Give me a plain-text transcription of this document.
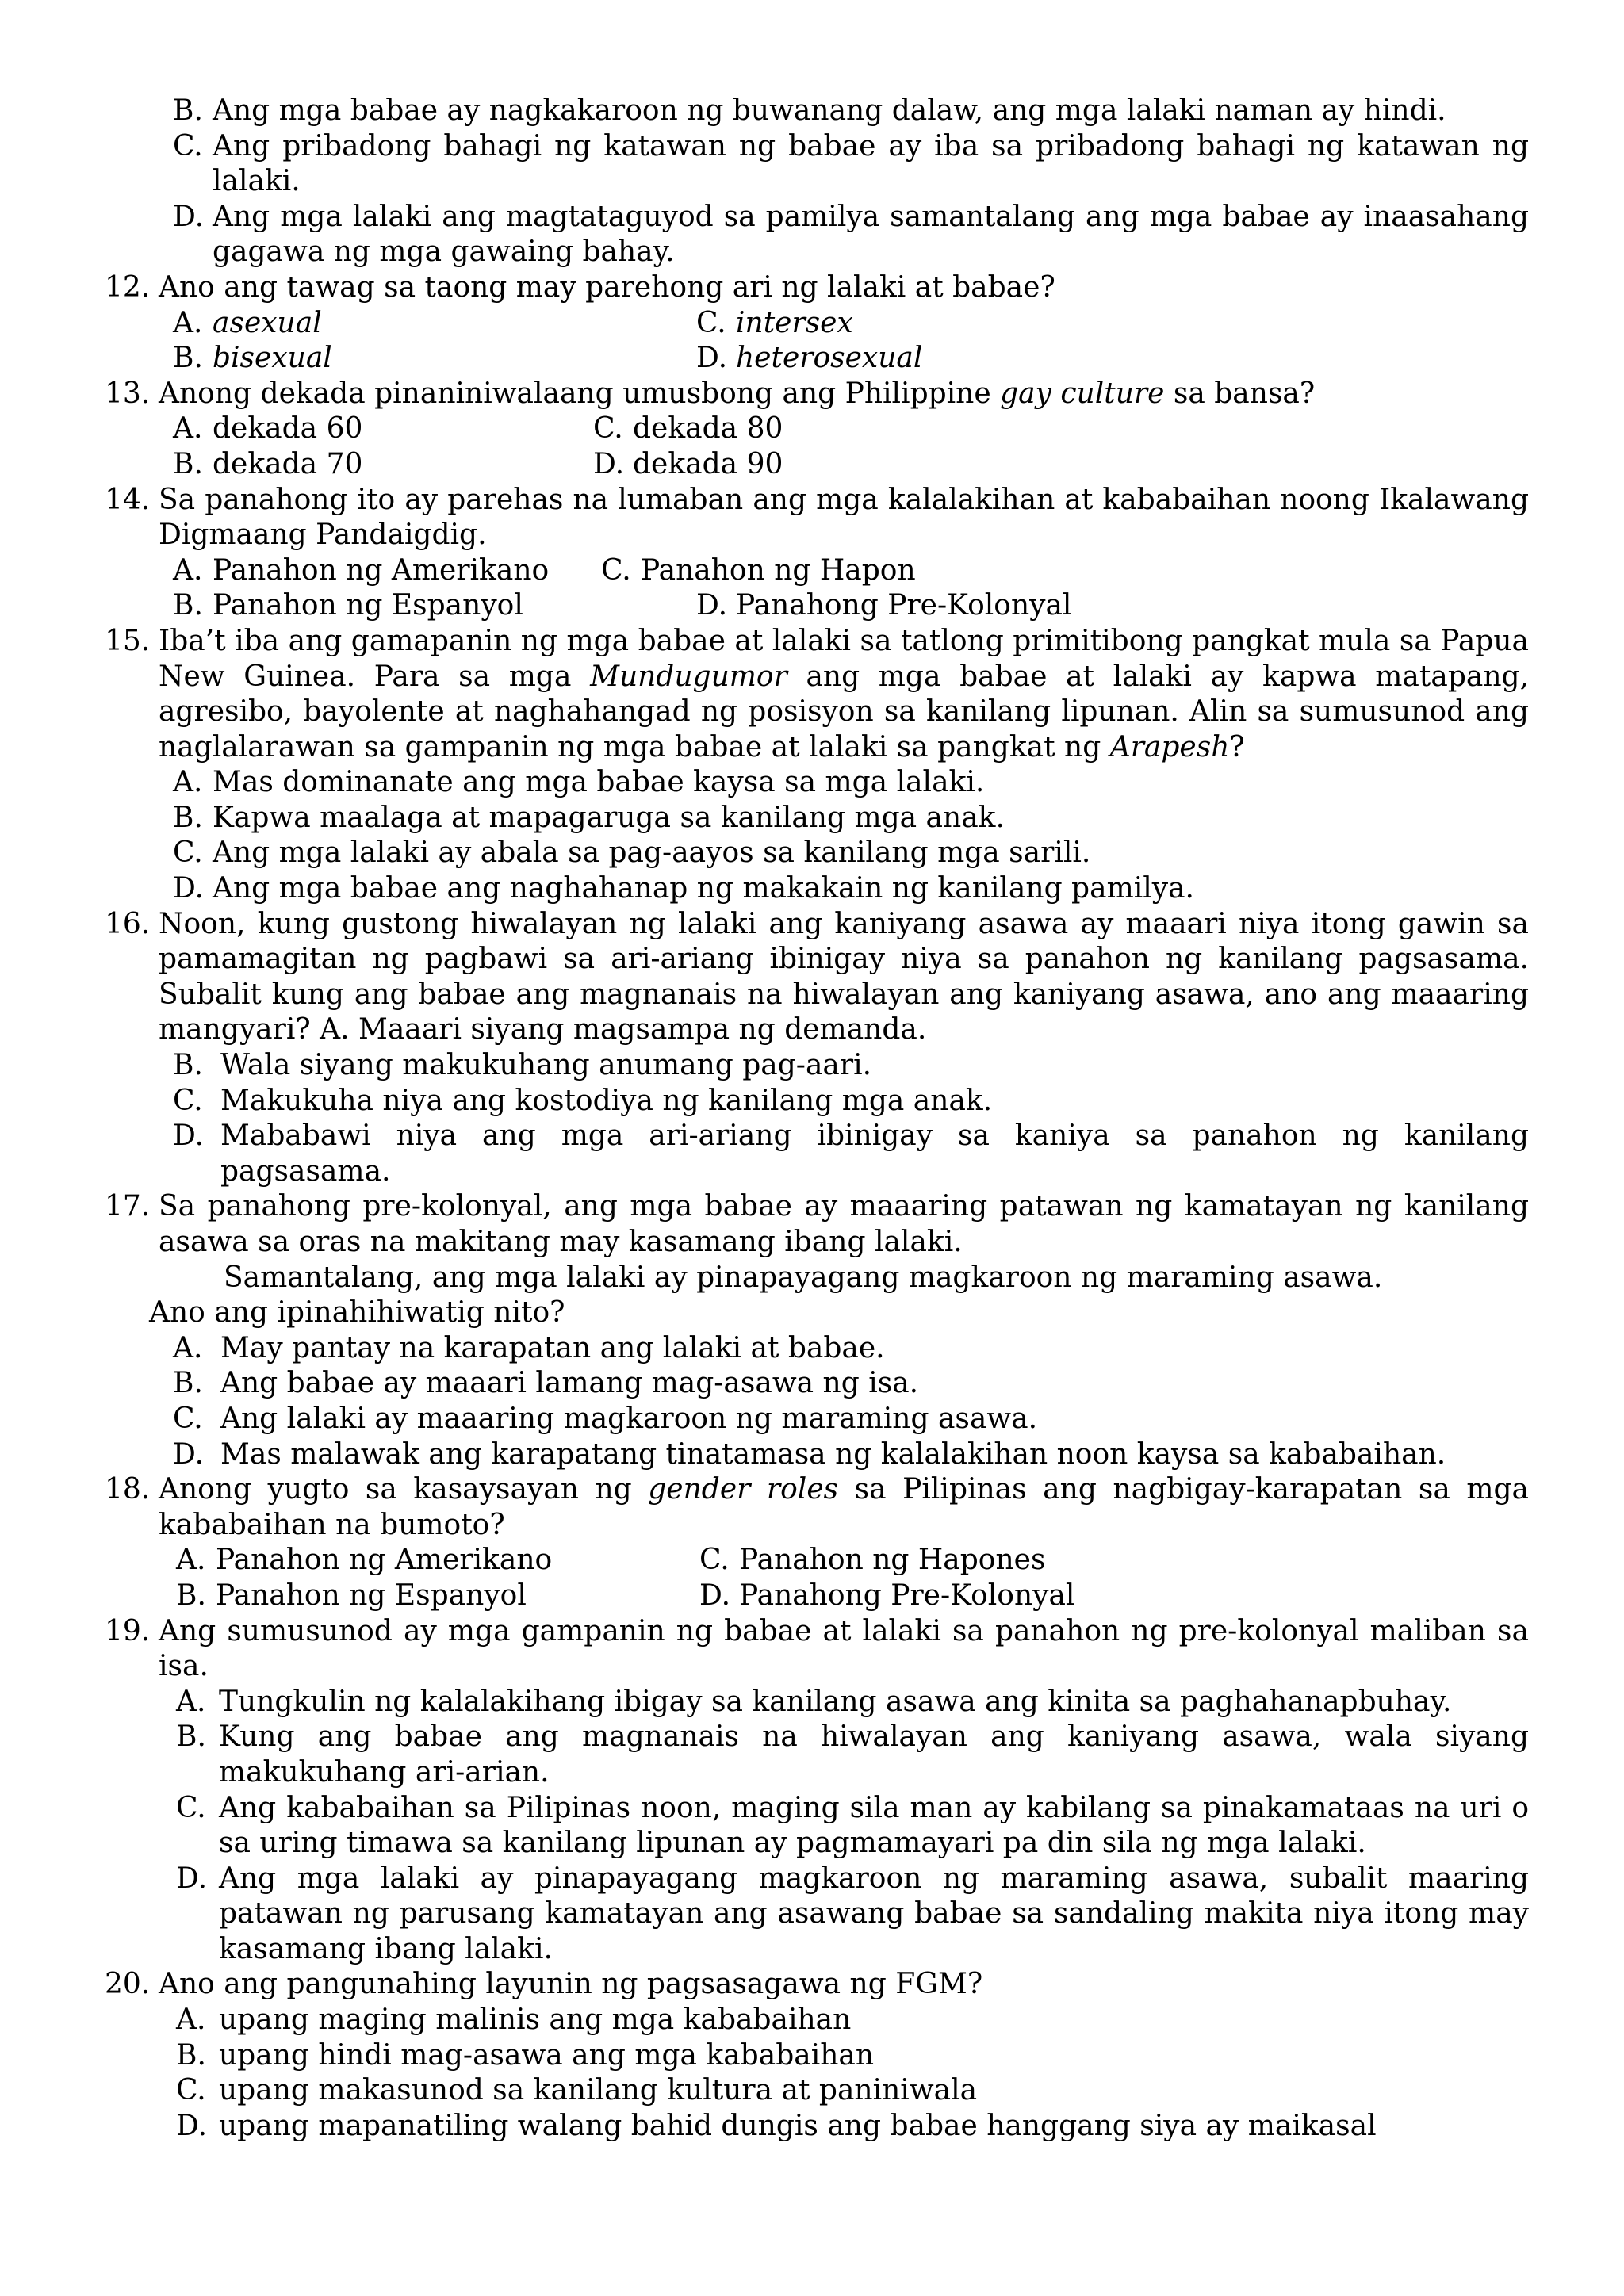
B. Ang mga babae ay nagkakaroon ng buwanang dalaw, ang mga lalaki naman ay hindi.
C. Ang pribadong bahagi ng katawan ng babae ay iba sa pribadong bahagi ng katawan ng lalaki.
D. Ang mga lalaki ang magtataguyod sa pamilya samantalang ang mga babae ay inaasahang gagawa ng mga gawaing bahay.
12. Ano ang tawag sa taong may parehong ari ng lalaki at babae?
A. asexual	C. intersex
B. bisexual	D. heterosexual
13. Anong dekada pinaniniwalaang umusbong ang Philippine gay culture sa bansa?
A. dekada 60	C. dekada 80
B. dekada 70	D. dekada 90
14. Sa panahong ito ay parehas na lumaban ang mga kalalakihan at kababaihan noong Ikalawang Digmaang Pandaigdig.
A. Panahon ng Amerikano C. Panahon ng Hapon
B. Panahon ng Espanyol	D. Panahong Pre-Kolonyal
15. Iba’t iba ang gamapanin ng mga babae at lalaki sa tatlong primitibong pangkat mula sa Papua New Guinea. Para sa mga Mundugumor ang mga babae at lalaki ay kapwa matapang, agresibo, bayolente at naghahangad ng posisyon sa kanilang lipunan. Alin sa sumusunod ang naglalarawan sa gampanin ng mga babae at lalaki sa pangkat ng Arapesh?
A. Mas dominanate ang mga babae kaysa sa mga lalaki.
B. Kapwa maalaga at mapagaruga sa kanilang mga anak.
C. Ang mga lalaki ay abala sa pag-aayos sa kanilang mga sarili.
D. Ang mga babae ang naghahanap ng makakain ng kanilang pamilya.
16. Noon, kung gustong hiwalayan ng lalaki ang kaniyang asawa ay maaari niya itong gawin sa pamamagitan ng pagbawi sa ari-ariang ibinigay niya sa panahon ng kanilang pagsasama. Subalit kung ang babae ang magnanais na hiwalayan ang kaniyang asawa, ano ang maaaring mangyari? A. Maaari siyang magsampa ng demanda.
B. Wala siyang makukuhang anumang pag-aari.
C. Makukuha niya ang kostodiya ng kanilang mga anak.
D. Mababawi niya ang mga ari-ariang ibinigay sa kaniya sa panahon ng kanilang pagsasama.
17. Sa panahong pre-kolonyal, ang mga babae ay maaaring patawan ng kamatayan ng kanilang asawa sa oras na makitang may kasamang ibang lalaki.
Samantalang, ang mga lalaki ay pinapayagang magkaroon ng maraming asawa.
Ano ang ipinahihiwatig nito?
A. May pantay na karapatan ang lalaki at babae.
B. Ang babae ay maaari lamang mag-asawa ng isa.
C. Ang lalaki ay maaaring magkaroon ng maraming asawa.
D. Mas malawak ang karapatang tinatamasa ng kalalakihan noon kaysa sa kababaihan.
18. Anong yugto sa kasaysayan ng gender roles sa Pilipinas ang nagbigay-karapatan sa mga kababaihan na bumoto?
A. Panahon ng Amerikano	C. Panahon ng Hapones
B. Panahon ng Espanyol	D. Panahong Pre-Kolonyal
19. Ang sumusunod ay mga gampanin ng babae at lalaki sa panahon ng pre-kolonyal maliban sa isa.
A. Tungkulin ng kalalakihang ibigay sa kanilang asawa ang kinita sa paghahanapbuhay.
B. Kung ang babae ang magnanais na hiwalayan ang kaniyang asawa, wala siyang makukuhang ari-arian.
C. Ang kababaihan sa Pilipinas noon, maging sila man ay kabilang sa pinakamataas na uri o sa uring timawa sa kanilang lipunan ay pagmamayari pa din sila ng mga lalaki.
D. Ang mga lalaki ay pinapayagang magkaroon ng maraming asawa, subalit maaring patawan ng parusang kamatayan ang asawang babae sa sandaling makita niya itong may kasamang ibang lalaki.
20. Ano ang pangunahing layunin ng pagsasagawa ng FGM?
A. upang maging malinis ang mga kababaihan
B. upang hindi mag-asawa ang mga kababaihan
C. upang makasunod sa kanilang kultura at paniniwala
D. upang mapanatiling walang bahid dungis ang babae hanggang siya ay maikasal
